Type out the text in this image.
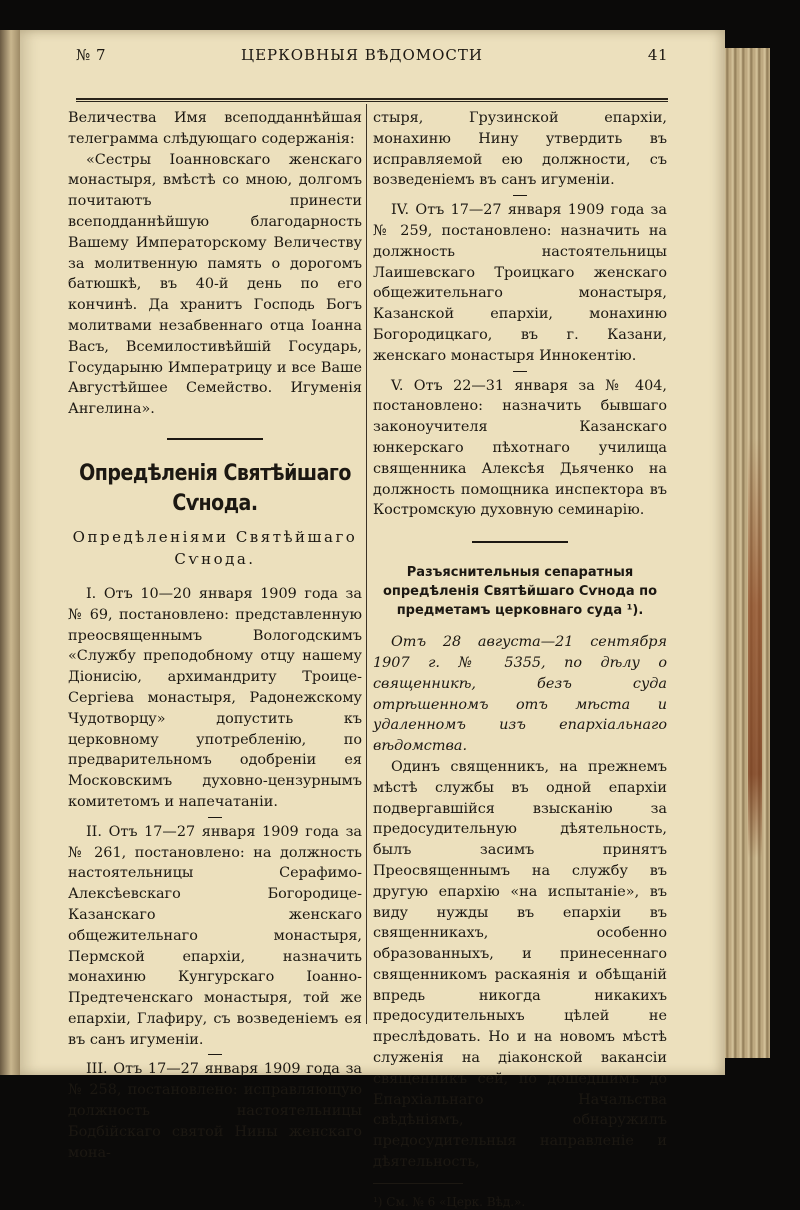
ЦЕРКОВНЫЯ ВѢДОМОСТИ
№ 7	41

Величества Имя всеподданнѣйшая телеграмма слѣдующаго содержанія:

«Сестры Іоанновскаго женскаго монастыря, вмѣстѣ со мною, долгомъ почитаютъ принести всеподданнѣйшую благодарность Вашему Императорскому Величеству за молитвенную память о дорогомъ батюшкѣ, въ 40-й день по его кончинѣ. Да хранитъ Господь Богъ молитвами незабвеннаго отца Іоанна Васъ, Всемилостивѣйшій Государь, Государыню Императрицу и все Ваше Августѣйшее Семейство. Игуменія Ангелина».

Опредѣленія Святѣйшаго Сѵнода.
Опредѣленіями Святѣйшаго Сѵнода.

I. Отъ 10—20 января 1909 года за № 69, постановлено: представленную преосвященнымъ Вологодскимъ «Службу преподобному отцу нашему Діонисію, архимандриту Троице-Сергіева монастыря, Радонежскому Чудотворцу» допустить къ церковному употребленію, по предварительномъ одобреніи ея Московскимъ духовно-цензурнымъ комитетомъ и напечатаніи.

II. Отъ 17—27 января 1909 года за № 261, постановлено: на должность настоятельницы Серафимо-Алексѣевскаго Богородице-Казанскаго женскаго общежительнаго монастыря, Пермской епархіи, назначить монахиню Кунгурскаго Іоанно-Предтеченскаго монастыря, той же епархіи, Глафиру, съ возведеніемъ ея въ санъ игуменіи.

III. Отъ 17—27 января 1909 года за № 258, постановлено: исправляющую должность настоятельницы Бодбійскаго святой Нины женскаго мона-

стыря, Грузинской епархіи, монахиню Нину утвердить въ исправляемой ею должности, съ возведеніемъ въ санъ игуменіи.

IV. Отъ 17—27 января 1909 года за № 259, постановлено: назначить на должность настоятельницы Лаишевскаго Троицкаго женскаго общежительнаго монастыря, Казанской епархіи, монахиню Богородицкаго, въ г. Казани, женскаго монастыря Иннокентію.

V. Отъ 22—31 января за № 404, постановлено: назначить бывшаго законоучителя Казанскаго юнкерскаго пѣхотнаго училища священника Алексѣя Дьяченко на должность помощника инспектора въ Костромскую духовную семинарію.

Разъяснительныя сепаратныя опредѣленія Святѣйшаго Сѵнода по предметамъ церковнаго суда ¹).

Отъ 28 августа—21 сентября 1907 г. № 5355, по дѣлу о священникѣ, безъ суда отрѣшенномъ отъ мѣста и удаленномъ изъ епархіальнаго вѣдомства.

Одинъ священникъ, на прежнемъ мѣстѣ службы въ одной епархіи подвергавшійся взысканію за предосудительную дѣятельность, былъ засимъ принятъ Преосвященнымъ на службу въ другую епархію «на испытаніе», въ виду нужды въ епархіи въ священникахъ, особенно образованныхъ, и принесеннаго священникомъ раскаянія и обѣщаній впредь никогда никакихъ предосудительныхъ цѣлей не преслѣдовать. Но и на новомъ мѣстѣ служенія на діаконской вакансіи священникъ сей, по дошедшимъ до Епархіальнаго Начальства свѣдѣніямъ, обнаружилъ предосудительныя направленіе и дѣятельность,

¹) См. № 6 «Церк. Вѣд.».
